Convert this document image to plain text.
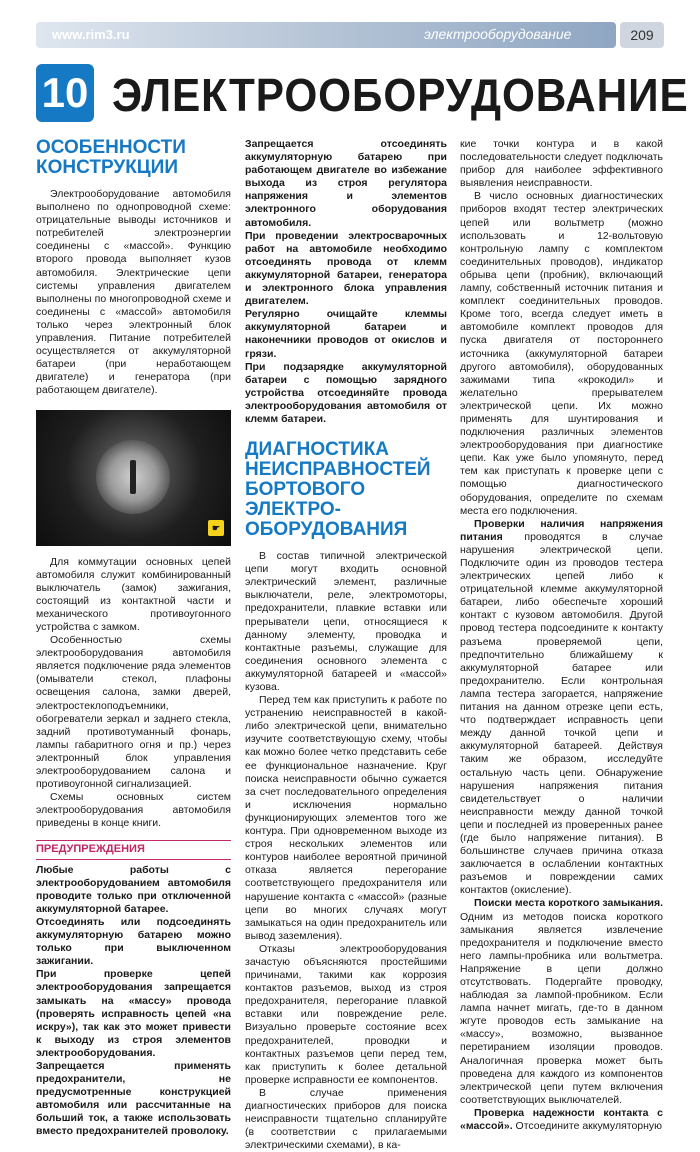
www.rim3.ru	электрооборудование	209
10 ЭЛЕКТРООБОРУДОВАНИЕ
ОСОБЕННОСТИ
КОНСТРУКЦИИ

Электрооборудование автомобиля выполнено по однопроводной схеме: отрицательные выводы источников и потребителей электроэнергии соединены с «массой». Функцию второго провода выполняет кузов автомобиля. Электрические цепи системы управления двигателем выполнены по многопроводной схеме и соединены с «массой» автомобиля только через электронный блок управления. Питание потребителей осуществляется от аккумуляторной батареи (при неработающем двигателе) и генератора (при работающем двигателе).

☛

Для коммутации основных цепей автомобиля служит комбинированный выключатель (замок) зажигания, состоящий из контактной части и механического противоугонного устройства с замком.

Особенностью схемы электрооборудования автомобиля является подключение ряда элементов (омыватели стекол, плафоны освещения салона, замки дверей, электростеклоподъемники, обогреватели зеркал и заднего стекла, задний противотуманный фонарь, лампы габаритного огня и пр.) через электронный блок управления электрооборудованием салона и противоугонной сигнализацией.

Схемы основных систем электрооборудования автомобиля приведены в конце книги.

ПРЕДУПРЕЖДЕНИЯ

Любые работы с электрооборудованием автомобиля проводите только при отключенной аккумуляторной батарее.

Отсоединять или подсоединять аккумуляторную батарею можно только при выключенном зажигании.

При проверке цепей электрооборудования запрещается замыкать на «массу» провода (проверять исправность цепей «на искру»), так как это может привести к выходу из строя элементов электрооборудования.

Запрещается применять предохранители, не предусмотренные конструкцией автомобиля или рассчитанные на больший ток, а также использовать вместо предохранителей проволоку.

Запрещается отсоединять аккумуляторную батарею при работающем двигателе во избежание выхода из строя регулятора напряжения и элементов электронного оборудования автомобиля.

При проведении электросварочных работ на автомобиле необходимо отсоединять провода от клемм аккумуляторной батареи, генератора и электронного блока управления двигателем.

Регулярно очищайте клеммы аккумуляторной батареи и наконечники проводов от окислов и грязи.

При подзарядке аккумуляторной батареи с помощью зарядного устройства отсоединяйте провода электрооборудования автомобиля от клемм батареи.

ДИАГНОСТИКА НЕИСПРАВНОСТЕЙ БОРТОВОГО ЭЛЕКТРО-ОБОРУДОВАНИЯ

В состав типичной электрической цепи могут входить основной электрический элемент, различные выключатели, реле, электромоторы, предохранители, плавкие вставки или прерыватели цепи, относящиеся к данному элементу, проводка и контактные разъемы, служащие для соединения основного элемента с аккумуляторной батареей и «массой» кузова.

Перед тем как приступить к работе по устранению неисправностей в какой-либо электрической цепи, внимательно изучите соответствующую схему, чтобы как можно более четко представить себе ее функциональное назначение. Круг поиска неисправности обычно сужается за счет последовательного определения и исключения нормально функционирующих элементов того же контура. При одновременном выходе из строя нескольких элементов или контуров наиболее вероятной причиной отказа является перегорание соответствующего предохранителя или нарушение контакта с «массой» (разные цепи во многих случаях могут замыкаться на один предохранитель или вывод заземления).

Отказы электрооборудования зачастую объясняются простейшими причинами, такими как коррозия контактов разъемов, выход из строя предохранителя, перегорание плавкой вставки или повреждение реле. Визуально проверьте состояние всех предохранителей, проводки и контактных разъемов цепи перед тем, как приступить к более детальной проверке исправности ее компонентов.

В случае применения диагностических приборов для поиска неисправности тщательно спланируйте (в соответствии с прилагаемыми электрическими схемами), в ка-

кие точки контура и в какой последовательности следует подключать прибор для наиболее эффективного выявления неисправности.

В число основных диагностических приборов входят тестер электрических цепей или вольтметр (можно использовать и 12-вольтовую контрольную лампу с комплектом соединительных проводов), индикатор обрыва цепи (пробник), включающий лампу, собственный источник питания и комплект соединительных проводов. Кроме того, всегда следует иметь в автомобиле комплект проводов для пуска двигателя от постороннего источника (аккумуляторной батареи другого автомобиля), оборудованных зажимами типа «крокодил» и желательно прерывателем электрической цепи. Их можно применять для шунтирования и подключения различных элементов электрооборудования при диагностике цепи. Как уже было упомянуто, перед тем как приступать к проверке цепи с помощью диагностического оборудования, определите по схемам места его подключения.

Проверки наличия напряжения питания проводятся в случае нарушения электрической цепи. Подключите один из проводов тестера электрических цепей либо к отрицательной клемме аккумуляторной батареи, либо обеспечьте хороший контакт с кузовом автомобиля. Другой провод тестера подсоедините к контакту разъема проверяемой цепи, предпочтительно ближайшему к аккумуляторной батарее или предохранителю. Если контрольная лампа тестера загорается, напряжение питания на данном отрезке цепи есть, что подтверждает исправность цепи между данной точкой цепи и аккумуляторной батареей. Действуя таким же образом, исследуйте остальную часть цепи. Обнаружение нарушения напряжения питания свидетельствует о наличии неисправности между данной точкой цепи и последней из проверенных ранее (где было напряжение питания). В большинстве случаев причина отказа заключается в ослаблении контактных разъемов и повреждении самих контактов (окисление).

Поиски места короткого замыкания. Одним из методов поиска короткого замыкания является извлечение предохранителя и подключение вместо него лампы-пробника или вольтметра. Напряжение в цепи должно отсутствовать. Подергайте проводку, наблюдая за лампой-пробником. Если лампа начнет мигать, где-то в данном жгуте проводов есть замыкание на «массу», возможно, вызванное перетиранием изоляции проводов. Аналогичная проверка может быть проведена для каждого из компонентов электрической цепи путем включения соответствующих выключателей.

Проверка надежности контакта с «массой». Отсоедините аккумуляторную
